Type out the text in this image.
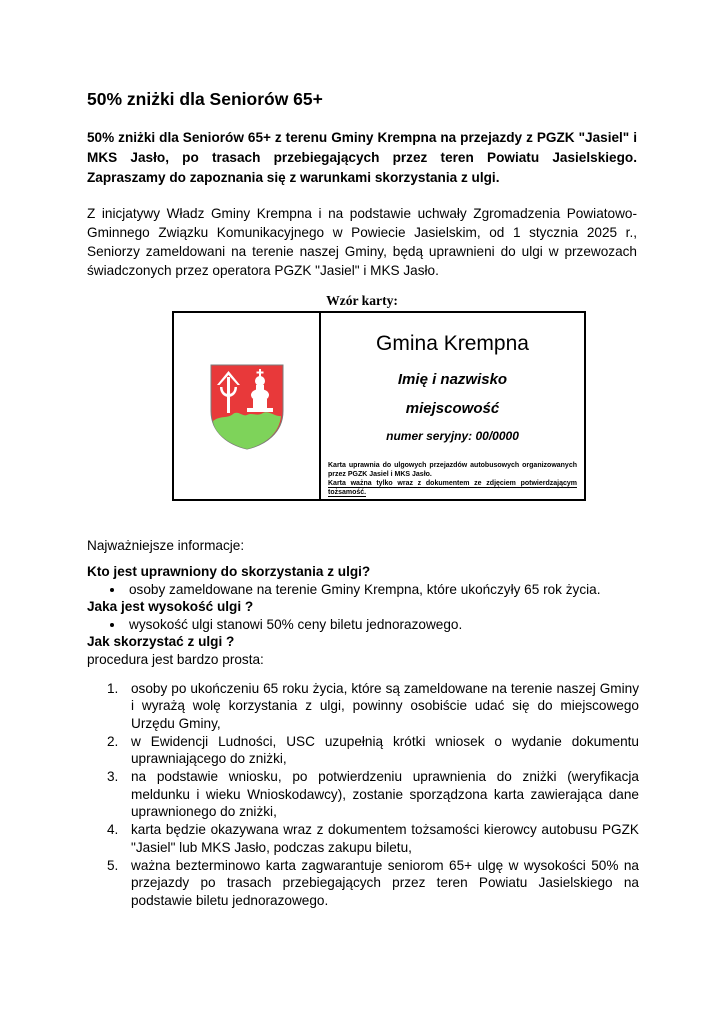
50% zniżki dla Seniorów 65+

50% zniżki dla Seniorów 65+ z terenu Gminy Krempna na przejazdy z PGZK "Jasiel" i MKS Jasło, po trasach przebiegających przez teren Powiatu Jasielskiego. Zapraszamy do zapoznania się z warunkami skorzystania z ulgi.

Z inicjatywy Władz Gminy Krempna i na podstawie uchwały Zgromadzenia Powiatowo-Gminnego Związku Komunikacyjnego w Powiecie Jasielskim, od 1 stycznia 2025 r., Seniorzy zameldowani na terenie naszej Gminy, będą uprawnieni do ulgi w przewozach świadczonych przez operatora PGZK "Jasiel" i MKS Jasło.

Wzór karty:

Gmina Krempna
Imię i nazwisko
miejscowość
numer seryjny: 00/0000
Karta uprawnia do ulgowych przejazdów autobusowych organizowanych przez PGZK Jasiel i MKS Jasło.
Karta ważna tylko wraz z dokumentem ze zdjęciem potwierdzającym tożsamość.
Najważniejsze informacje:
Kto jest uprawniony do skorzystania z ulgi?
osoby zameldowane na terenie Gminy Krempna, które ukończyły 65 rok życia.
Jaka jest wysokość ulgi ?
wysokość ulgi stanowi 50% ceny biletu jednorazowego.
Jak skorzystać z ulgi ?
procedura jest bardzo prosta:
1. osoby po ukończeniu 65 roku życia, które są zameldowane na terenie naszej Gminy i wyrażą wolę korzystania z ulgi, powinny osobiście udać się do miejscowego Urzędu Gminy,
2. w Ewidencji Ludności, USC uzupełnią krótki wniosek o wydanie dokumentu uprawniającego do zniżki,
3. na podstawie wniosku, po potwierdzeniu uprawnienia do zniżki (weryfikacja meldunku i wieku Wnioskodawcy), zostanie sporządzona karta zawierająca dane uprawnionego do zniżki,
4. karta będzie okazywana wraz z dokumentem tożsamości kierowcy autobusu PGZK "Jasiel" lub MKS Jasło, podczas zakupu biletu,
5. ważna bezterminowo karta zagwarantuje seniorom 65+ ulgę w wysokości 50% na przejazdy po trasach przebiegających przez teren Powiatu Jasielskiego na podstawie biletu jednorazowego.
